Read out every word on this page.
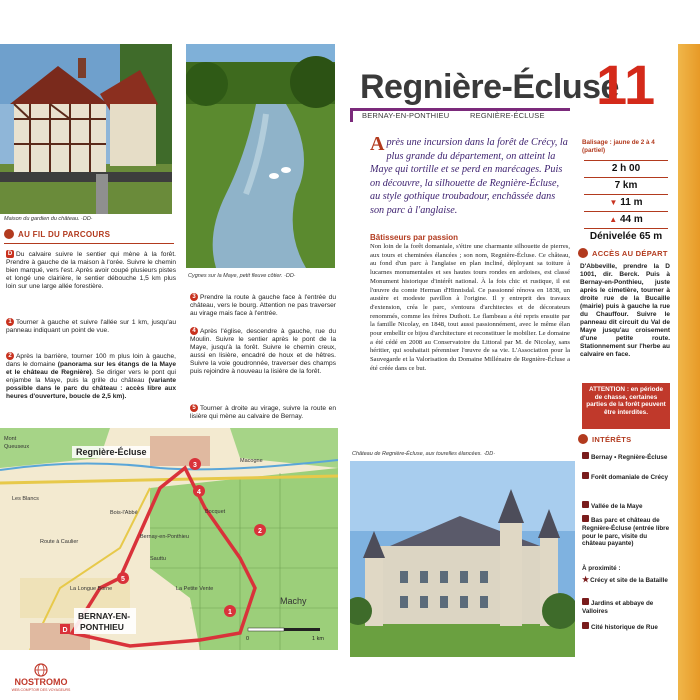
Maison du gardien du château. ·DD·
Cygnes sur la Maye, petit fleuve côtier. ·DD·
AU FIL DU PARCOURS
D Du calvaire suivre le sentier qui mène à la forêt. Prendre à gauche de la maison à l'orée. Suivre le chemin bien marqué, vers l'est. Après avoir coupé plusieurs pistes et longé une clairière, le sentier débouche 1,5 km plus loin sur une large allée forestière.
1 Tourner à gauche et suivre l'allée sur 1 km, jusqu'au panneau indiquant un point de vue.
2 Après la barrière, tourner 100 m plus loin à gauche, dans le domaine (panorama sur les étangs de la Maye et le château de Regnière). Se diriger vers le pont qui enjambe la Maye, puis la grille du château (variante possible dans le parc du château : accès libre aux heures d'ouverture, boucle de 2,5 km).
3 Prendre la route à gauche face à l'entrée du château, vers le bourg. Attention ne pas traverser au virage mais face à l'entrée.
4 Après l'église, descendre à gauche, rue du Moulin. Suivre le sentier après le pont de la Maye, jusqu'à la forêt. Suivre le chemin creux, aussi en lisière, encadré de houx et de hêtres. Suivre la voie goudronnée, traverser des champs puis rejoindre à nouveau la lisière de la forêt.
5 Tourner à droite au virage, suivre la route en lisière qui mène au calvaire de Bernay.
3
4
2
1
5
D
Mont
Queuseux
Les Blancs
Bocquet
Macogne
La Petite Vente
Machy
La Longue Borne
Bois-l'Abbé
Bernay-en-Ponthieu
Sauttu
Route à Caulier
Regnière-Écluse
BERNAY-EN-
PONTHIEU
0	1 km
NOSTROMO
WEB COMPTOIR DES VOYAGEURS
Regnière-Écluse
11
BERNAY-EN-PONTHIEU	REGNIÈRE-ÉCLUSE
Après une incursion dans la forêt de Crécy, la plus grande du département, on atteint la Maye qui tortille et se perd en marécages. Puis on découvre, la silhouette de Regnière-Écluse, au style gothique troubadour, enchâssée dans son parc à l'anglaise.
Bâtisseurs par passion
Non loin de la forêt domaniale, s'étire une charmante silhouette de pierres, aux tours et cheminées élancées ; son nom, Regnière-Écluse. Ce château, au fond d'un parc à l'anglaise en plan incliné, déployant sa toiture à lucarnes monumentales et ses hautes tours rondes en ardoises, est classé Monument historique d'intérêt national. À la fois chic et rustique, il est l'œuvre du comte Herman d'Hinnisdal. Ce passionné rénova en 1838, un austère et modeste pavillon à l'origine. Il y entreprit des travaux d'extension, créa le parc, s'entoura d'architectes et de décorateurs renommés, comme les frères Duthoit. Le flambeau a été repris ensuite par la famille Nicolay, en 1848, tout aussi passionnément, avec le même élan pour embellir ce bijou d'architecture et reconstituer le mobilier. Le domaine a été cédé en 2008 au Conservatoire du Littoral par M. de Nicolay, sans héritier, qui souhaitait pérenniser l'œuvre de sa vie. L'Association pour la Sauvegarde et la Valorisation du Domaine Millénaire de Regnière-Écluse a été créée dans ce but.
Château de Regnière-Écluse, aux tourelles élancées. ·DD·
Balisage : jaune de 2 à 4 (partiel)
2 h 00
7 km
▼ 11 m
▲ 44 m
Dénivelée 65 m
ACCÈS AU DÉPART
D'Abbeville, prendre la D 1001, dir. Berck. Puis à Bernay-en-Ponthieu, juste après le cimetière, tourner à droite rue de la Bucaille (mairie) puis à gauche la rue du Chauffour. Suivre le panneau dit circuit du Val de Maye jusqu'au croisement d'une petite route. Stationnement sur l'herbe au calvaire en face.
ATTENTION : en période de chasse, certaines parties de la forêt peuvent être interdites.
INTÉRÊTS
Bernay • Regnière-Écluse
Forêt domaniale de Crécy
Vallée de la Maye
Bas parc et château de Regnière-Écluse (entrée libre pour le parc, visite du château payante)
À proximité :
★Crécy et site de la Bataille
Jardins et abbaye de Valloires
Cité historique de Rue
